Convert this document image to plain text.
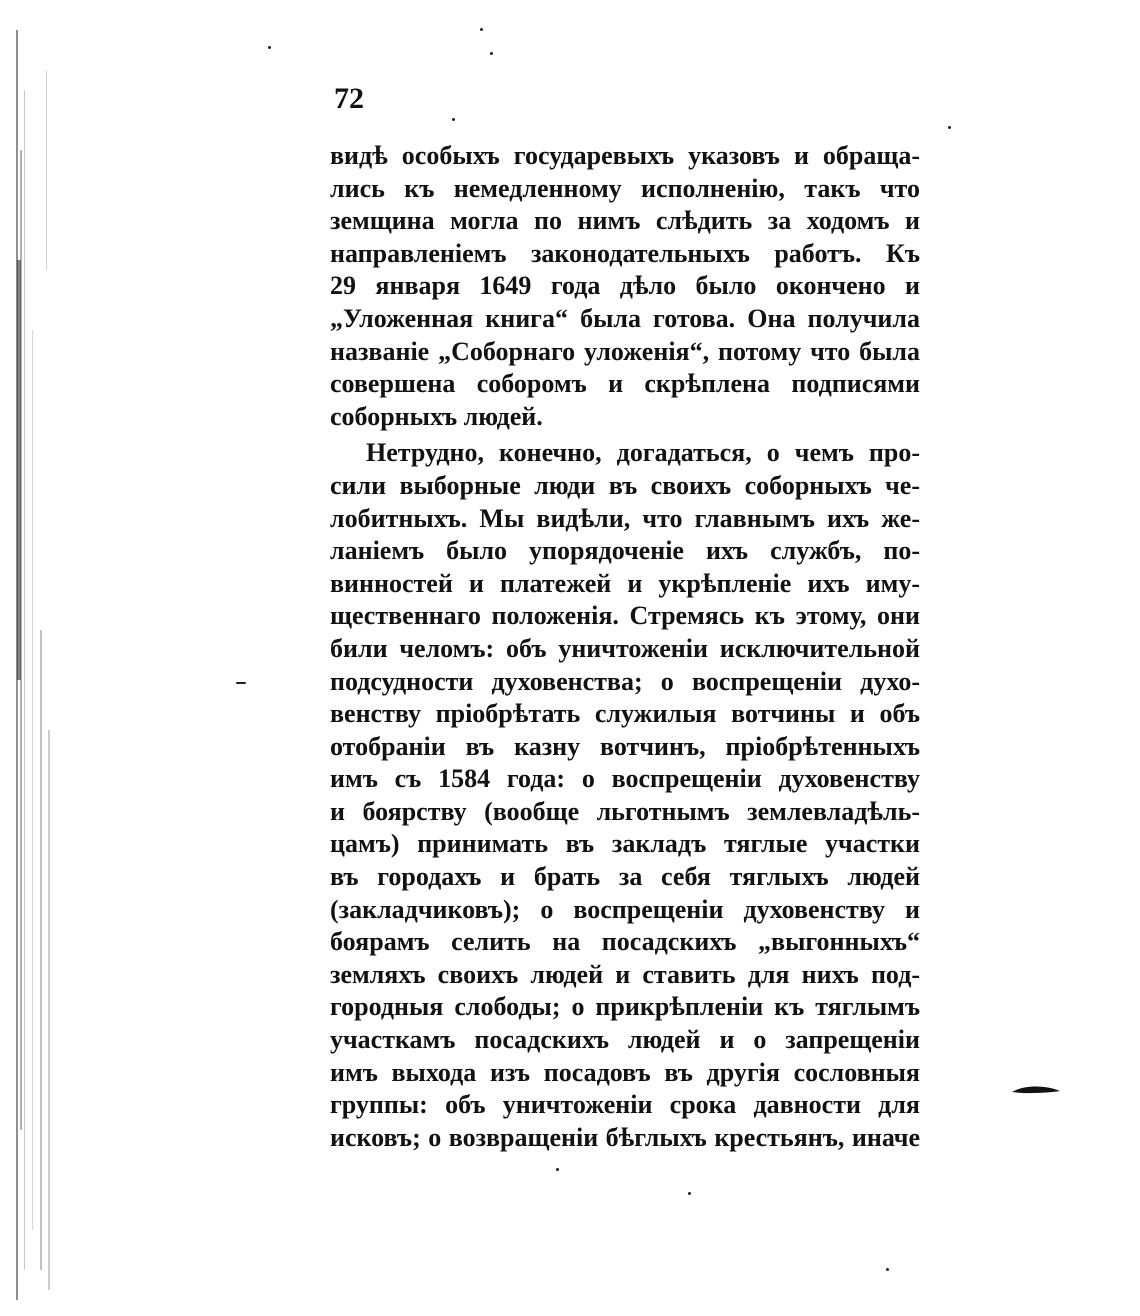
72
видѣ особыхъ государевыхъ указовъ и обраща-
лись къ немедленному исполненію, такъ что
земщина могла по нимъ слѣдить за ходомъ и
направленіемъ законодательныхъ работъ. Къ
29 января 1649 года дѣло было окончено и
„Уложенная книга“ была готова. Она получила
названіе „Соборнаго уложенія“, потому что была
совершена соборомъ и скрѣплена подписями
соборныхъ людей.
Нетрудно, конечно, догадаться, о чемъ про-
сили выборные люди въ своихъ соборныхъ че-
лобитныхъ. Мы видѣли, что главнымъ ихъ же-
ланіемъ было упорядоченіе ихъ службъ, по-
винностей и платежей и укрѣпленіе ихъ иму-
щественнаго положенія. Стремясь къ этому, они
били челомъ: объ уничтоженіи исключительной
подсудности духовенства; о воспрещеніи духо-
венству пріобрѣтать служилыя вотчины и объ
отобраніи въ казну вотчинъ, пріобрѣтенныхъ
имъ съ 1584 года: о воспрещеніи духовенству
и боярству (вообще льготнымъ землевладѣль-
цамъ) принимать въ закладъ тяглые участки
въ городахъ и брать за себя тяглыхъ людей
(закладчиковъ); о воспрещеніи духовенству и
боярамъ селить на посадскихъ „выгонныхъ“
земляхъ своихъ людей и ставить для нихъ под-
городныя слободы; о прикрѣпленіи къ тяглымъ
участкамъ посадскихъ людей и о запрещеніи
имъ выхода изъ посадовъ въ другія сословныя
группы: объ уничтоженіи срока давности для
исковъ; о возвращеніи бѣглыхъ крестьянъ, иначе
